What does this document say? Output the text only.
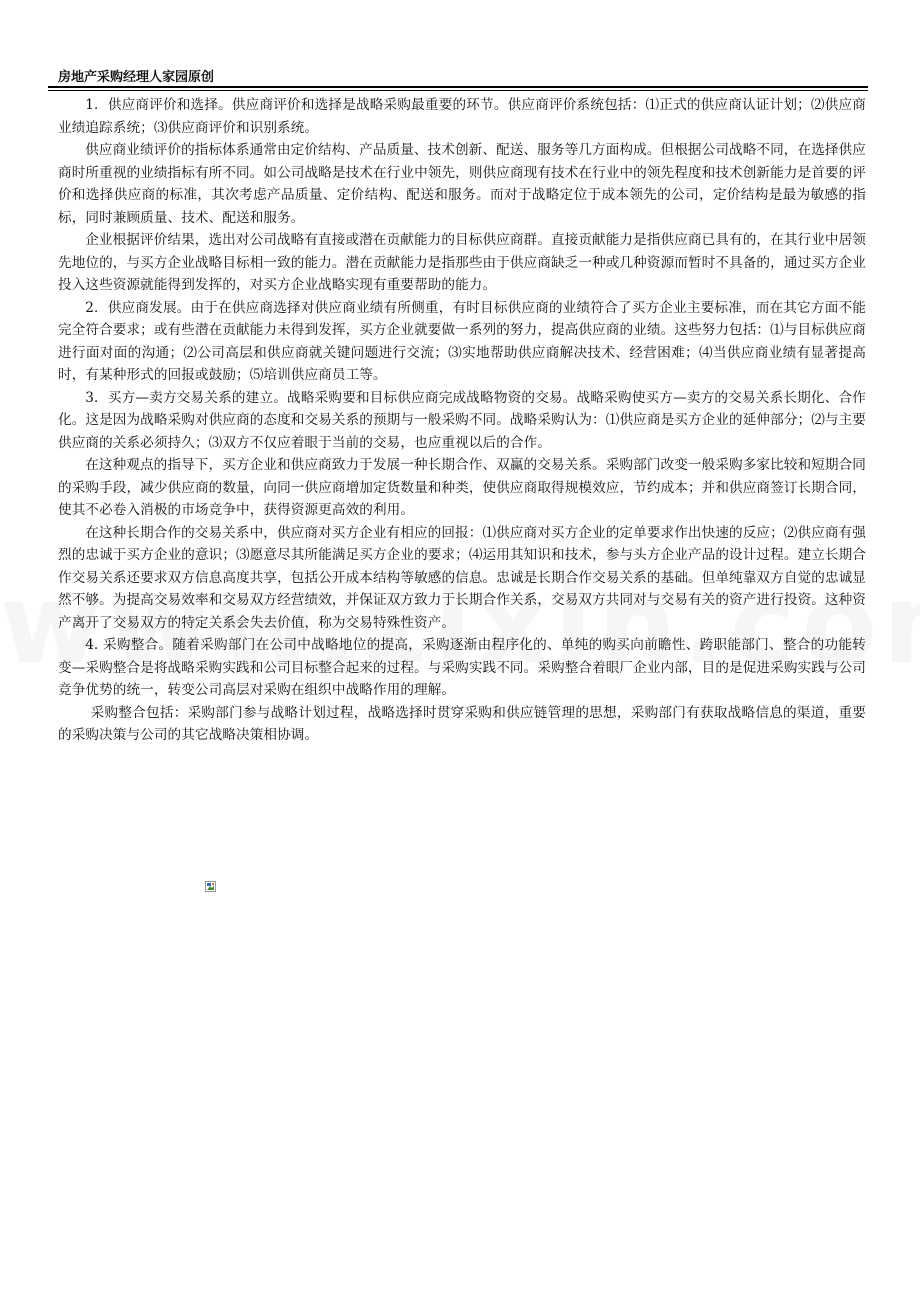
房地产采购经理人家园原创

1．供应商评价和选择。供应商评价和选择是战略采购最重要的环节。供应商评价系统包括：⑴正式的供应商认证计划；⑵供应商业绩追踪系统；⑶供应商评价和识别系统。

供应商业绩评价的指标体系通常由定价结构、产品质量、技术创新、配送、服务等几方面构成。但根据公司战略不同，在选择供应商时所重视的业绩指标有所不同。如公司战略是技术在行业中领先，则供应商现有技术在行业中的领先程度和技术创新能力是首要的评价和选择供应商的标准，其次考虑产品质量、定价结构、配送和服务。而对于战略定位于成本领先的公司，定价结构是最为敏感的指标，同时兼顾质量、技术、配送和服务。

企业根据评价结果，选出对公司战略有直接或潜在贡献能力的目标供应商群。直接贡献能力是指供应商已具有的，在其行业中居领先地位的，与买方企业战略目标相一致的能力。潜在贡献能力是指那些由于供应商缺乏一种或几种资源而暂时不具备的，通过买方企业投入这些资源就能得到发挥的，对买方企业战略实现有重要帮助的能力。

2．供应商发展。由于在供应商选择对供应商业绩有所侧重，有时目标供应商的业绩符合了买方企业主要标准，而在其它方面不能完全符合要求；或有些潜在贡献能力未得到发挥，买方企业就要做一系列的努力，提高供应商的业绩。这些努力包括：⑴与目标供应商进行面对面的沟通；⑵公司高层和供应商就关键问题进行交流；⑶实地帮助供应商解决技术、经营困难；⑷当供应商业绩有显著提高时，有某种形式的回报或鼓励；⑸培训供应商员工等。

3．买方—卖方交易关系的建立。战略采购要和目标供应商完成战略物资的交易。战略采购使买方—卖方的交易关系长期化、合作化。这是因为战略采购对供应商的态度和交易关系的预期与一般采购不同。战略采购认为：⑴供应商是买方企业的延伸部分；⑵与主要供应商的关系必须持久；⑶双方不仅应着眼于当前的交易，也应重视以后的合作。

在这种观点的指导下，买方企业和供应商致力于发展一种长期合作、双赢的交易关系。采购部门改变一般采购多家比较和短期合同的采购手段，减少供应商的数量，向同一供应商增加定货数量和种类，使供应商取得规模效应，节约成本；并和供应商签订长期合同，使其不必卷入消极的市场竞争中，获得资源更高效的利用。

在这种长期合作的交易关系中，供应商对买方企业有相应的回报：⑴供应商对买方企业的定单要求作出快速的反应；⑵供应商有强烈的忠诚于买方企业的意识；⑶愿意尽其所能满足买方企业的要求；⑷运用其知识和技术，参与头方企业产品的设计过程。建立长期合作交易关系还要求双方信息高度共享，包括公开成本结构等敏感的信息。忠诚是长期合作交易关系的基础。但单纯靠双方自觉的忠诚显然不够。为提高交易效率和交易双方经营绩效，并保证双方致力于长期合作关系，交易双方共同对与交易有关的资产进行投资。这种资产离开了交易双方的特定关系会失去价值，称为交易特殊性资产。

4. 采购整合。随着采购部门在公司中战略地位的提高，采购逐渐由程序化的、单纯的购买向前瞻性、跨职能部门、整合的功能转变—采购整合是将战略采购实践和公司目标整合起来的过程。与采购实践不同。采购整合着眼厂企业内部，目的是促进采购实践与公司竞争优势的统一，转变公司高层对采购在组织中战略作用的理解。

采购整合包括：采购部门参与战略计划过程，战略选择时贯穿采购和供应链管理的思想，采购部门有获取战略信息的渠道，重要的采购决策与公司的其它战略决策相协调。
